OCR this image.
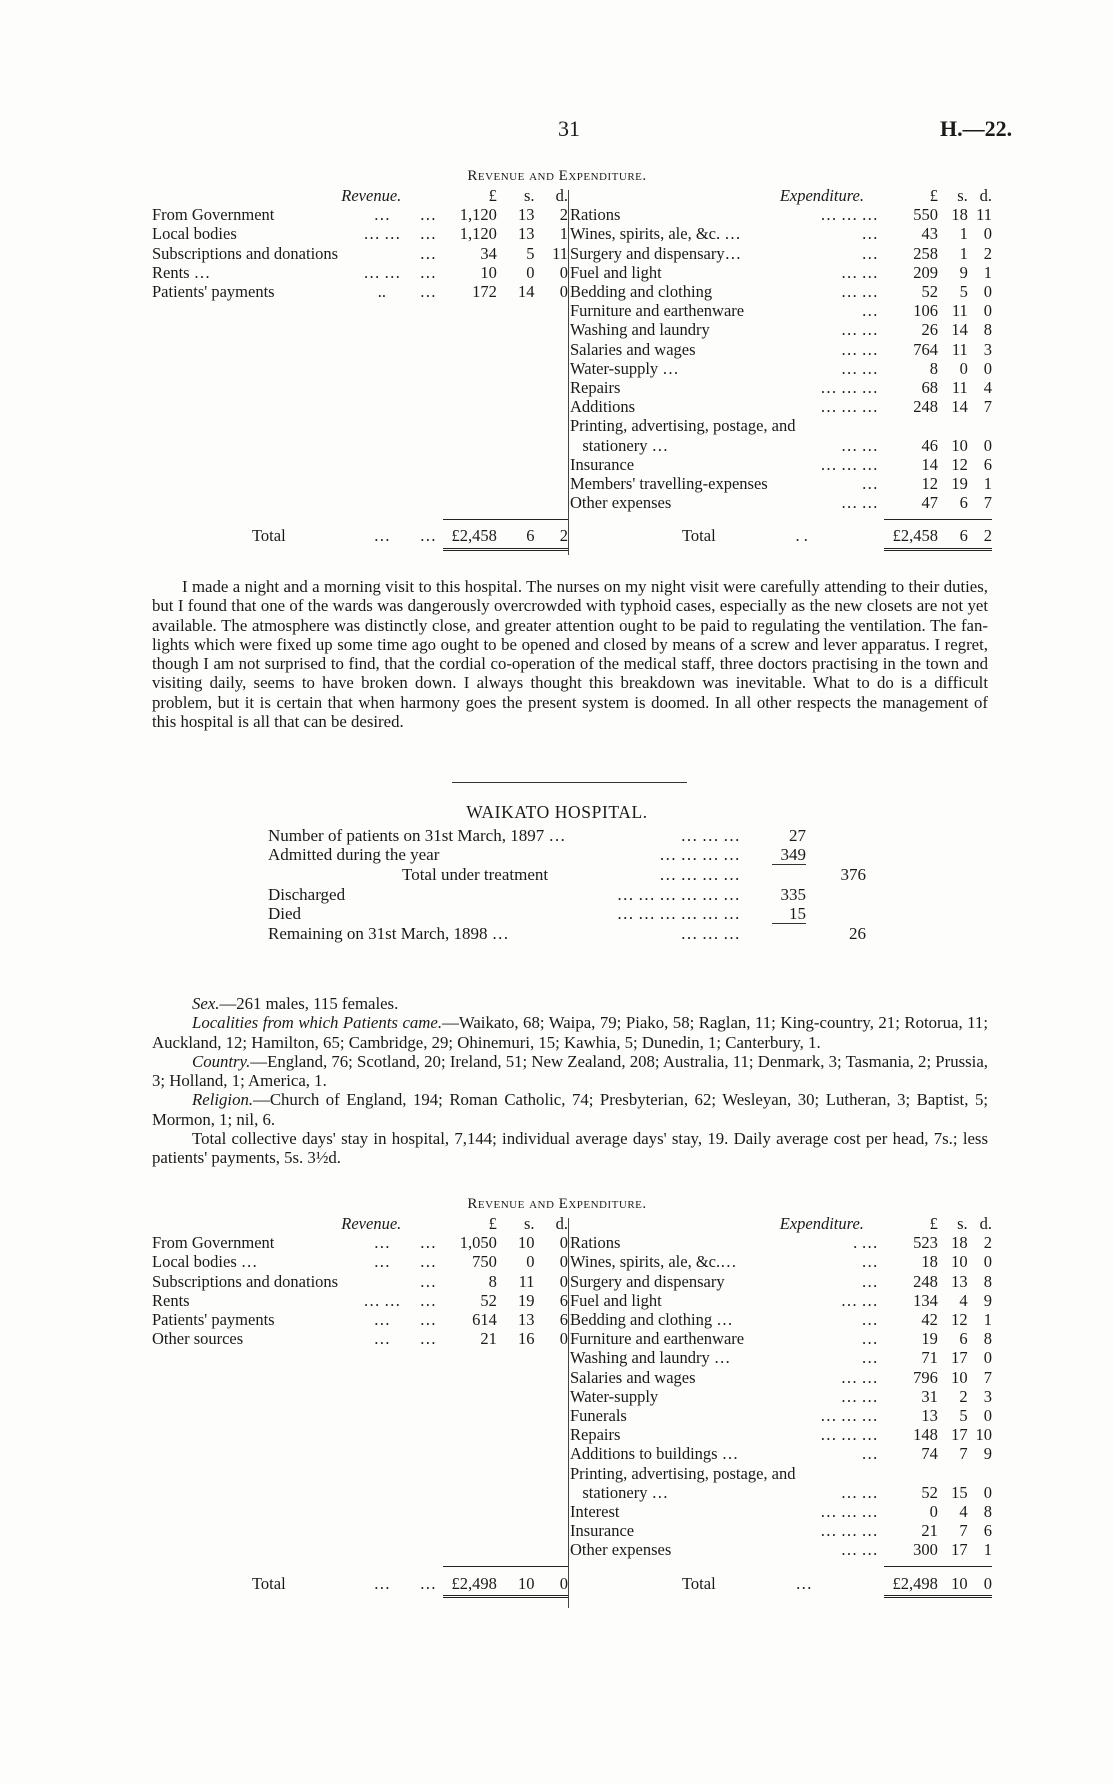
31	H.—22.
Revenue and Expenditure.
Revenue.			£	s.	d.
From Government	…	…	1,120	13	2
Local bodies	… …	…	1,120	13	1
Subscriptions and donations		…	34	5	11
Rents …	… …	…	10	0	0
Patients' payments	..	…	172	14	0

Total	…	…	£2,458	6	2

Expenditure.		£	s.	d.
Rations	… … …	550	18	11
Wines, spirits, ale, &c. …	…	43	1	0
Surgery and dispensary…	…	258	1	2
Fuel and light	… …	209	9	1
Bedding and clothing	… …	52	5	0
Furniture and earthenware	…	106	11	0
Washing and laundry	… …	26	14	8
Salaries and wages	… …	764	11	3
Water-supply …	… …	8	0	0
Repairs	… … …	68	11	4
Additions	… … …	248	14	7
Printing, advertising, postage, and				
stationery …	… …	46	10	0
Insurance	… … …	14	12	6
Members' travelling-expenses	…	12	19	1
Other expenses	… …	47	6	7

Total	. .	£2,458	6	2

I made a night and a morning visit to this hospital. The nurses on my night visit were carefully attending to their duties, but I found that one of the wards was dangerously overcrowded with typhoid cases, especially as the new closets are not yet available. The atmosphere was distinctly close, and greater attention ought to be paid to regulating the ventilation. The fan-lights which were fixed up some time ago ought to be opened and closed by means of a screw and lever apparatus. I regret, though I am not surprised to find, that the cordial co-operation of the medical staff, three doctors practising in the town and visiting daily, seems to have broken down. I always thought this breakdown was inevitable. What to do is a difficult problem, but it is certain that when harmony goes the present system is doomed. In all other respects the management of this hospital is all that can be desired.

WAIKATO HOSPITAL.
Number of patients on 31st March, 1897 …	… … …	27	
Admitted during the year	… … … …	349	

Total under treatment	… … … …		376
Discharged	… … … … … …	335	
Died	… … … … … …	15	

Remaining on 31st March, 1898 …	… … …		26

Sex.—261 males, 115 females.

Localities from which Patients came.—Waikato, 68; Waipa, 79; Piako, 58; Raglan, 11; King-country, 21; Rotorua, 11; Auckland, 12; Hamilton, 65; Cambridge, 29; Ohinemuri, 15; Kawhia, 5; Dunedin, 1; Canterbury, 1.

Country.—England, 76; Scotland, 20; Ireland, 51; New Zealand, 208; Australia, 11; Denmark, 3; Tasmania, 2; Prussia, 3; Holland, 1; America, 1.

Religion.—Church of England, 194; Roman Catholic, 74; Presbyterian, 62; Wesleyan, 30; Lutheran, 3; Baptist, 5; Mormon, 1; nil, 6.

Total collective days' stay in hospital, 7,144; individual average days' stay, 19. Daily average cost per head, 7s.; less patients' payments, 5s. 3½d.

Revenue and Expenditure.
Revenue.			£	s.	d.
From Government	…	…	1,050	10	0
Local bodies …	…	…	750	0	0
Subscriptions and donations		…	8	11	0
Rents	… …	…	52	19	6
Patients' payments	…	…	614	13	6
Other sources	…	…	21	16	0

Total	…	…	£2,498	10	0

Expenditure.		£	s.	d.
Rations	. …	523	18	2
Wines, spirits, ale, &c.…	…	18	10	0
Surgery and dispensary	…	248	13	8
Fuel and light	… …	134	4	9
Bedding and clothing …	…	42	12	1
Furniture and earthenware	…	19	6	8
Washing and laundry …	…	71	17	0
Salaries and wages	… …	796	10	7
Water-supply	… …	31	2	3
Funerals	… … …	13	5	0
Repairs	… … …	148	17	10
Additions to buildings …	…	74	7	9
Printing, advertising, postage, and				
stationery …	… …	52	15	0
Interest	… … …	0	4	8
Insurance	… … …	21	7	6
Other expenses	… …	300	17	1

Total	…	£2,498	10	0
